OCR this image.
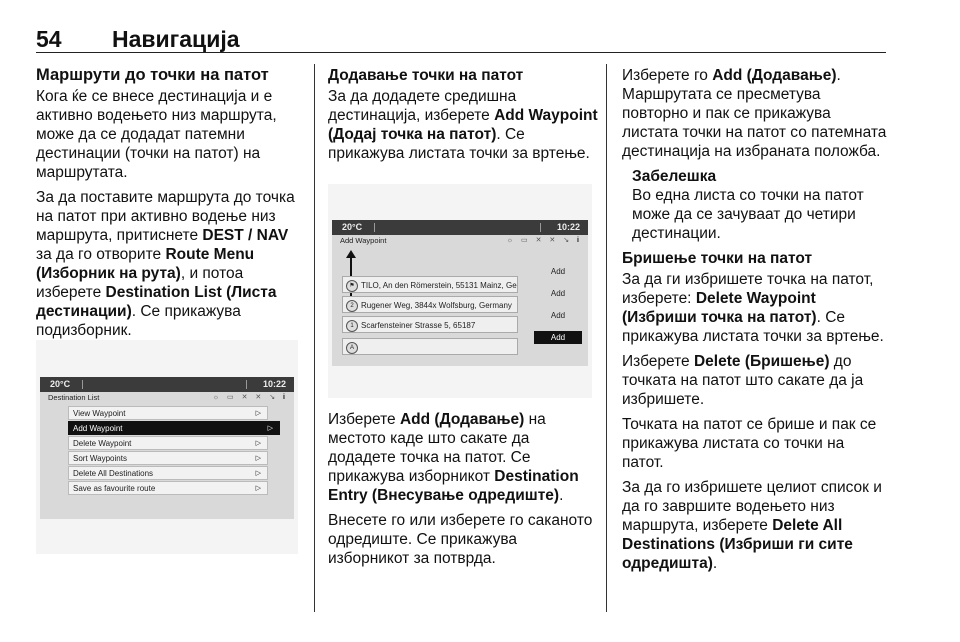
54 Навигација
Маршрути до точки на патот

Кога ќе се внесе дестинација и е активно водењето низ маршрута, може да се додадат патемни дестинации (точки на патот) на маршрутата.

За да поставите маршрута до точка на патот при активно водење низ маршрута, притиснете DEST / NAV за да го отворите Route Menu (Изборник на рута), и потоа изберете Destination List (Листа дестинации). Се прикажува подизборник.

20°C	10:22
Destination List	☼ ▭ ✕ ✕ ↘ i
View Waypoint	▷
Add Waypoint	▷
Delete Waypoint	▷
Sort Waypoints	▷
Delete All Destinations	▷
Save as favourite route	▷
Додавање точки на патот

За да додадете средишна дестинација, изберете Add Waypoint (Додај точка на патот). Се прикажува листата точки за вртење.

20°C	10:22
Add Waypoint	☼ ▭ ✕ ✕ ↘ i
⚑ TILO, An den Römerstein, 55131 Mainz, Ge
2 Rugener Weg, 3844x Wolfsburg, Germany
1 Scarfensteiner Strasse 5, 65187
A
Add
Add
Add
Add

Изберете Add (Додавање) на местото каде што сакате да додадете точка на патот. Се прикажува изборникот Destination Entry (Внесување одредиште).

Внесете го или изберете го саканото одредиште. Се прикажува изборникот за потврда.

Изберете го Add (Додавање). Маршрутата се пресметува повторно и пак се прикажува листата точки на патот со патемната дестинација на избраната положба.

Забелешка
Во една листа со точки на патот може да се зачуваат до четири дестинации.
Бришење точки на патот

За да ги избришете точка на патот, изберете: Delete Waypoint (Избриши точка на патот). Се прикажува листата точки за вртење.

Изберете Delete (Бришење) до точката на патот што сакате да ја избришете.

Точката на патот се брише и пак се прикажува листата со точки на патот.

За да го избришете целиот список и да го завршите водењето низ маршрута, изберете Delete All Destinations (Избриши ги сите одредишта).
